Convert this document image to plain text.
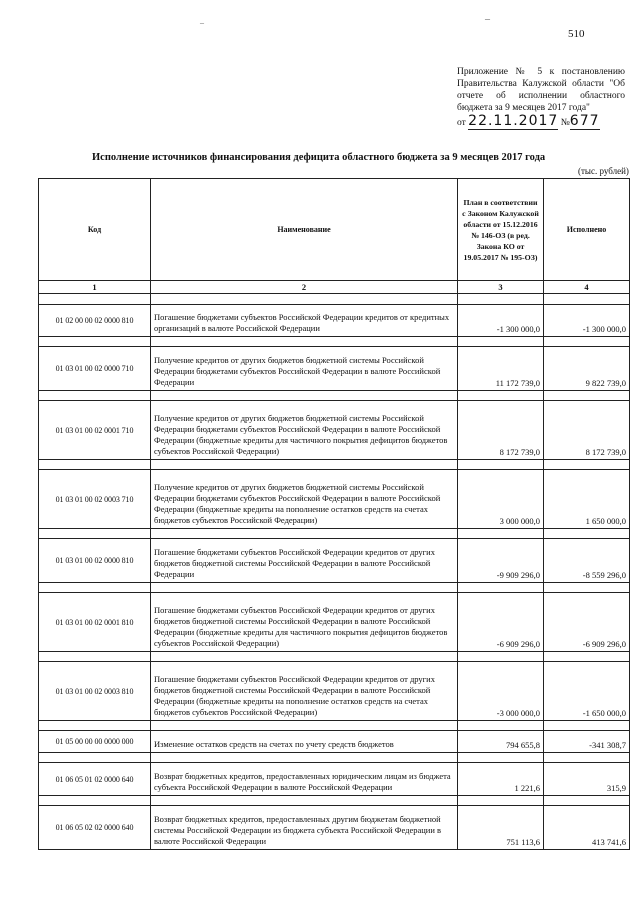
–	–
510
Приложение № 5 к постановлению Правительства Калужской области "Об отчете об исполнении областного бюджета за 9 месяцев 2017 года"
от 22.11.2017 №677
Исполнение источников финансирования дефицита областного бюджета за 9 месяцев 2017 года
(тыс. рублей)
Код	Наименование	План в соответствии с Законом Калужской области от 15.12.2016 № 146-ОЗ (в ред. Закона КО от 19.05.2017 № 195-ОЗ)	Исполнено
1	2	3	4

01 02 00 00 02 0000 810	Погашение бюджетами субъектов Российской Федерации кредитов от кредитных организаций в валюте Российской Федерации	-1 300 000,0	-1 300 000,0

01 03 01 00 02 0000 710	Получение кредитов от других бюджетов бюджетной системы Российской Федерации бюджетами субъектов Российской Федерации в валюте Российской Федерации	11 172 739,0	9 822 739,0

01 03 01 00 02 0001 710	Получение кредитов от других бюджетов бюджетной системы Российской Федерации бюджетами субъектов Российской Федерации в валюте Российской Федерации (бюджетные кредиты для частичного покрытия дефицитов бюджетов субъектов Российской Федерации)	8 172 739,0	8 172 739,0

01 03 01 00 02 0003 710	Получение кредитов от других бюджетов бюджетной системы Российской Федерации бюджетами субъектов Российской Федерации в валюте Российской Федерации (бюджетные кредиты на пополнение остатков средств на счетах бюджетов субъектов Российской Федерации)	3 000 000,0	1 650 000,0

01 03 01 00 02 0000 810	Погашение бюджетами субъектов Российской Федерации кредитов от других бюджетов бюджетной системы Российской Федерации в валюте Российской Федерации	-9 909 296,0	-8 559 296,0

01 03 01 00 02 0001 810	Погашение бюджетами субъектов Российской Федерации кредитов от других бюджетов бюджетной системы Российской Федерации в валюте Российской Федерации (бюджетные кредиты для частичного покрытия дефицитов бюджетов субъектов Российской Федерации)	-6 909 296,0	-6 909 296,0

01 03 01 00 02 0003 810	Погашение бюджетами субъектов Российской Федерации кредитов от других бюджетов бюджетной системы Российской Федерации в валюте Российской Федерации (бюджетные кредиты на пополнение остатков средств на счетах бюджетов субъектов Российской Федерации)	-3 000 000,0	-1 650 000,0

01 05 00 00 00 0000 000	Изменение остатков средств на счетах по учету средств бюджетов	794 655,8	-341 308,7

01 06 05 01 02 0000 640	Возврат бюджетных кредитов, предоставленных юридическим лицам из бюджета субъекта Российской Федерации в валюте Российской Федерации	1 221,6	315,9

01 06 05 02 02 0000 640	Возврат бюджетных кредитов, предоставленных другим бюджетам бюджетной системы Российской Федерации из бюджета субъекта Российской Федерации в валюте Российской Федерации	751 113,6	413 741,6
